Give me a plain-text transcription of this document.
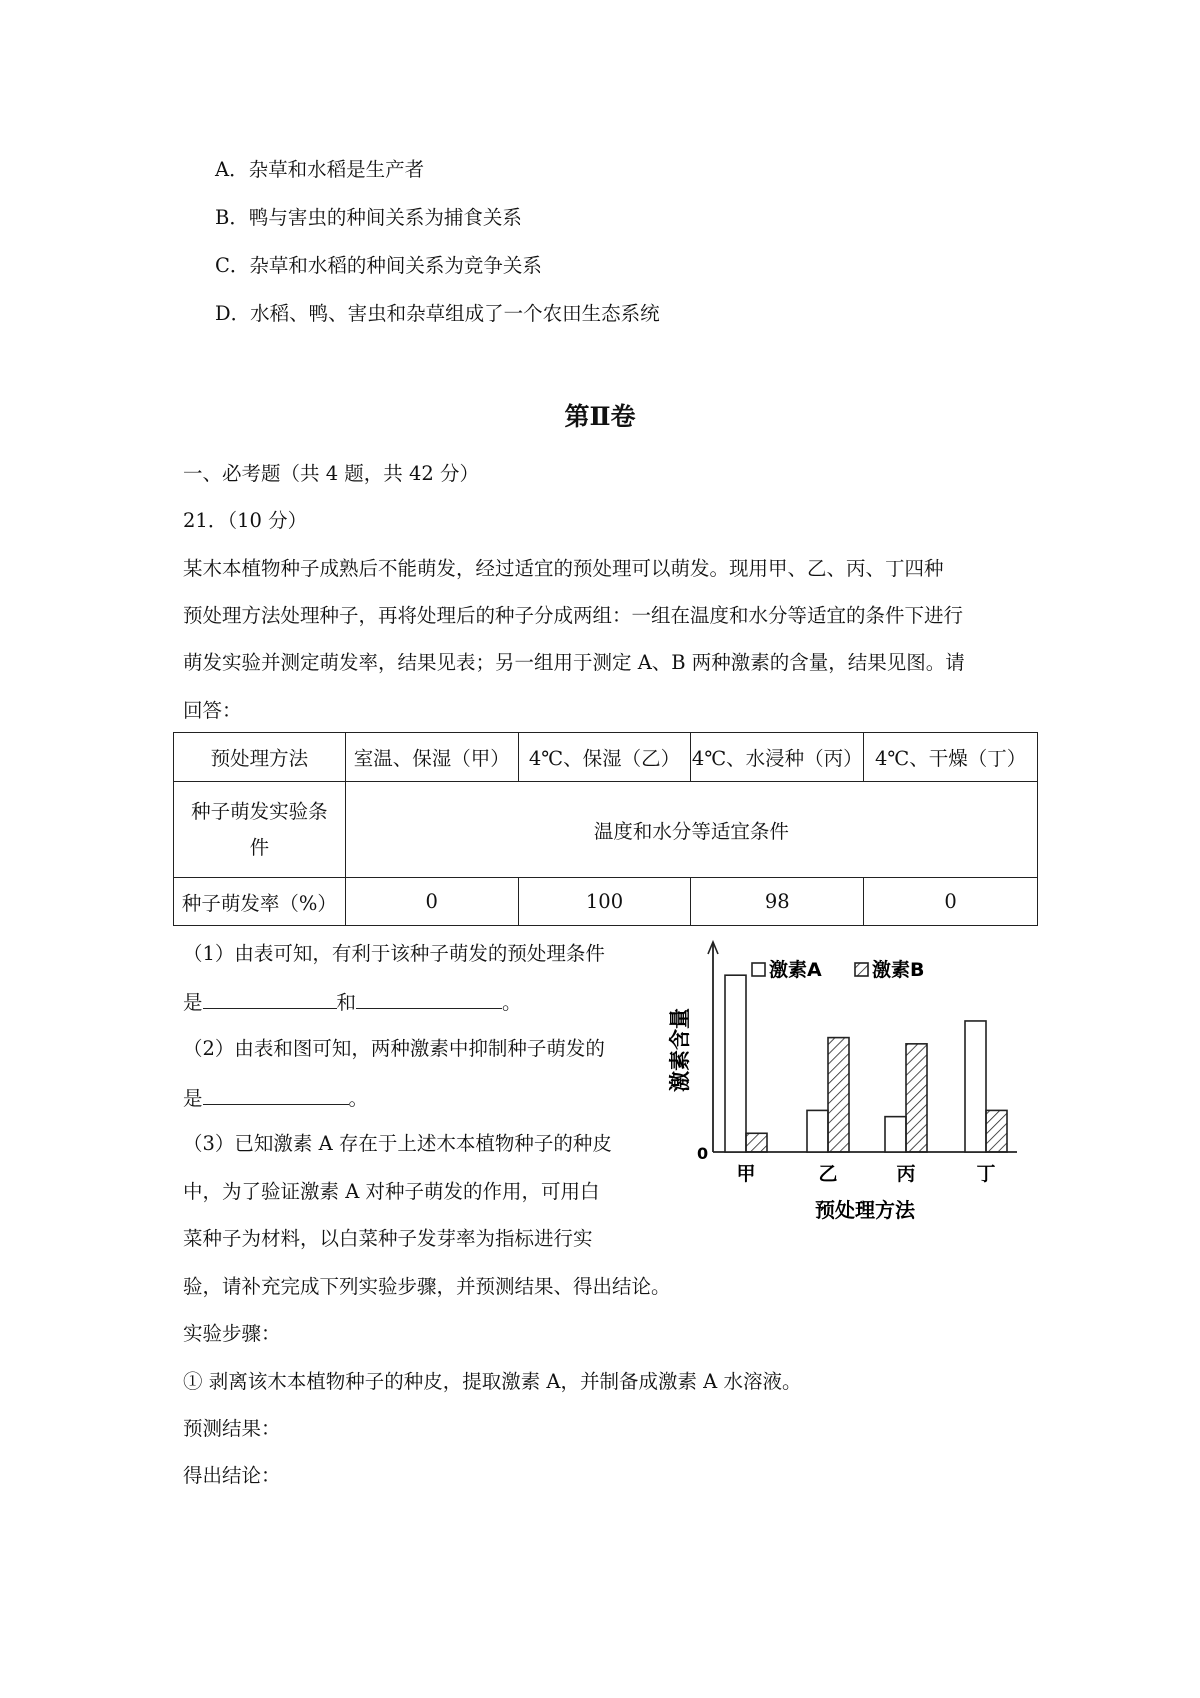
A．杂草和水稻是生产者
B．鸭与害虫的种间关系为捕食关系
C．杂草和水稻的种间关系为竞争关系
D．水稻、鸭、害虫和杂草组成了一个农田生态系统
第Ⅱ卷
一、必考题（共 4 题，共 42 分）
21．（10 分）
某木本植物种子成熟后不能萌发，经过适宜的预处理可以萌发。现用甲、乙、丙、丁四种
预处理方法处理种子，再将处理后的种子分成两组：一组在温度和水分等适宜的条件下进行
萌发实验并测定萌发率，结果见表；另一组用于测定 A、B 两种激素的含量，结果见图。请
回答：
预处理方法	室温、保湿（甲）	4℃、保湿（乙）	4℃、水浸种（丙）	4℃、干燥（丁）
种子萌发实验条
件	温度和水分等适宜条件			
种子萌发率（%）	0	100	98	0
（1）由表可知，有利于该种子萌发的预处理条件
是	和	。
（2）由表和图可知，两种激素中抑制种子萌发的
是	。
（3）已知激素 A 存在于上述木本植物种子的种皮
中，为了验证激素 A 对种子萌发的作用，可用白
菜种子为材料，以白菜种子发芽率为指标进行实
验，请补充完成下列实验步骤，并预测结果、得出结论。
实验步骤：
① 剥离该木本植物种子的种皮，提取激素 A，并制备成激素 A 水溶液。
预测结果：
得出结论：
激素A	激素B
0
激素含量
预处理方法
甲	乙	丙	丁
